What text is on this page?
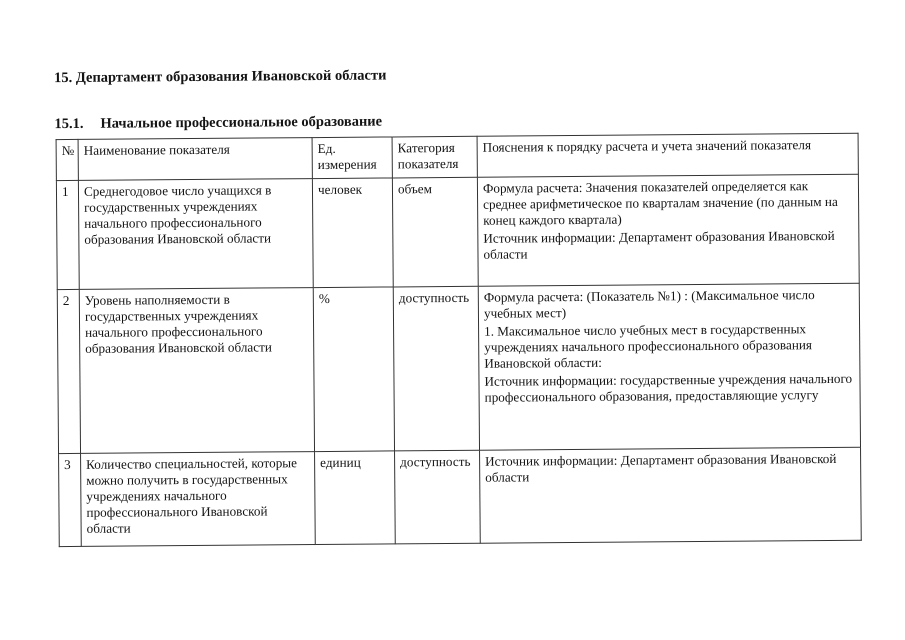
15. Департамент образования Ивановской области
15.1. Начальное профессиональное образование
№	Наименование показателя	Ед. измерения	Категория показателя	Пояснения к порядку расчета и учета значений показателя
1	Среднегодовое число учащихся в государственных учреждениях начального профессионального образования Ивановской области	человек	объем	Формула расчета: Значения показателей определяется как среднее арифметическое по кварталам значение (по данным на конец каждого квартала)
Источник информации: Департамент образования Ивановской области

2	Уровень наполняемости в государственных учреждениях начального профессионального образования Ивановской области	%	доступность	Формула расчета: (Показатель №1) : (Максимальное число учебных мест)
1. Максимальное число учебных мест в государственных учреждениях начального профессионального образования Ивановской области:
Источник информации: государственные учреждения начального профессионального образования, предоставляющие услугу

3	Количество специальностей, которые можно получить в государственных учреждениях начального профессионального Ивановской области	единиц	доступность	Источник информации: Департамент образования Ивановской области
